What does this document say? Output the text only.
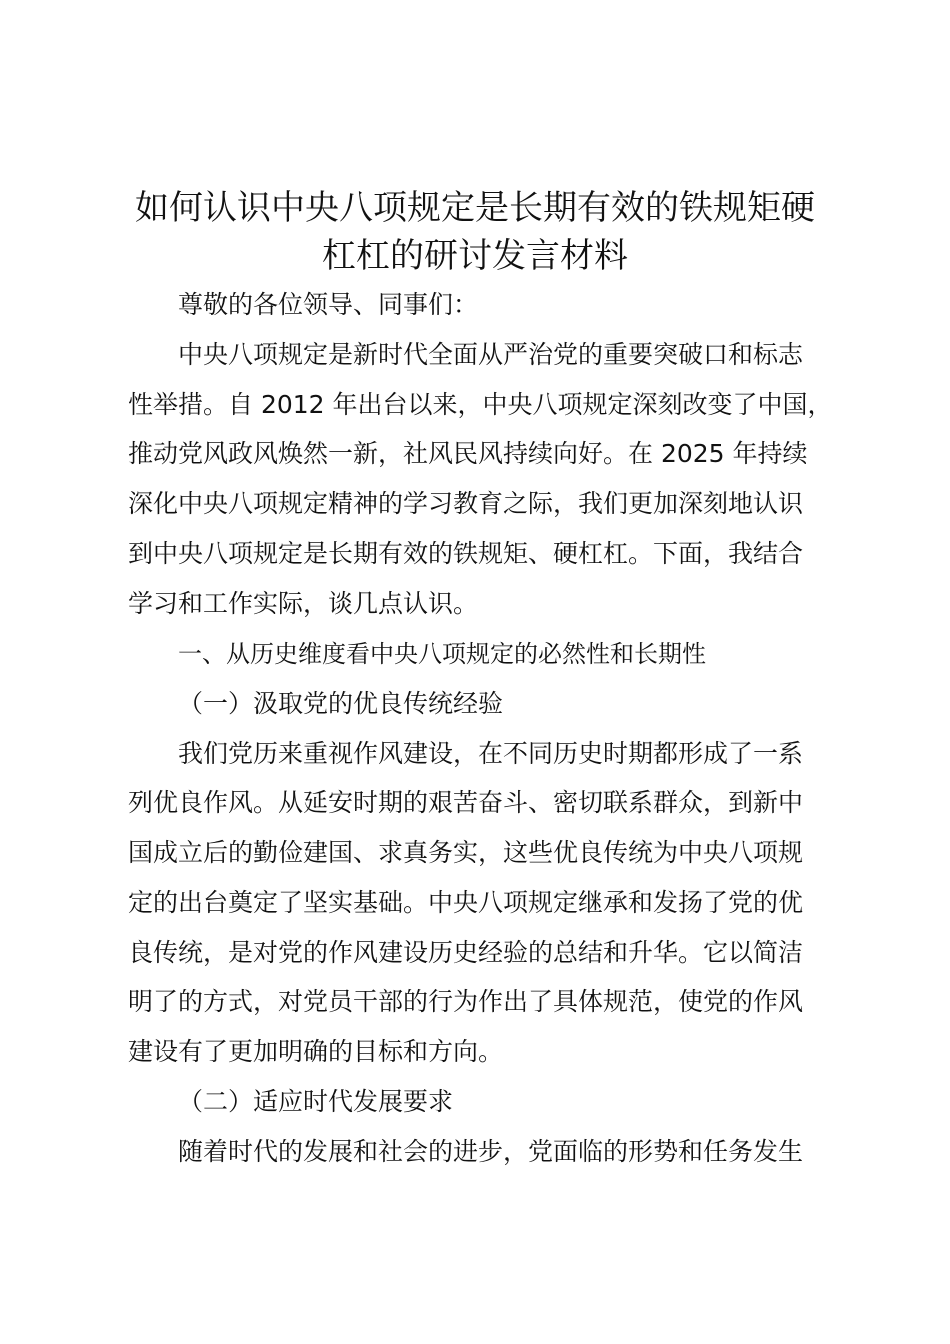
如何认识中央八项规定是长期有效的铁规矩硬
杠杠的研讨发言材料

尊敬的各位领导、同事们：

中央八项规定是新时代全面从严治党的重要突破口和标志

性举措。自 2012 年出台以来，中央八项规定深刻改变了中国，

推动党风政风焕然一新，社风民风持续向好。在 2025 年持续

深化中央八项规定精神的学习教育之际，我们更加深刻地认识

到中央八项规定是长期有效的铁规矩、硬杠杠。下面，我结合

学习和工作实际，谈几点认识。

一、从历史维度看中央八项规定的必然性和长期性

（一）汲取党的优良传统经验

我们党历来重视作风建设，在不同历史时期都形成了一系

列优良作风。从延安时期的艰苦奋斗、密切联系群众，到新中

国成立后的勤俭建国、求真务实，这些优良传统为中央八项规

定的出台奠定了坚实基础。中央八项规定继承和发扬了党的优

良传统，是对党的作风建设历史经验的总结和升华。它以简洁

明了的方式，对党员干部的行为作出了具体规范，使党的作风

建设有了更加明确的目标和方向。

（二）适应时代发展要求

随着时代的发展和社会的进步，党面临的形势和任务发生
